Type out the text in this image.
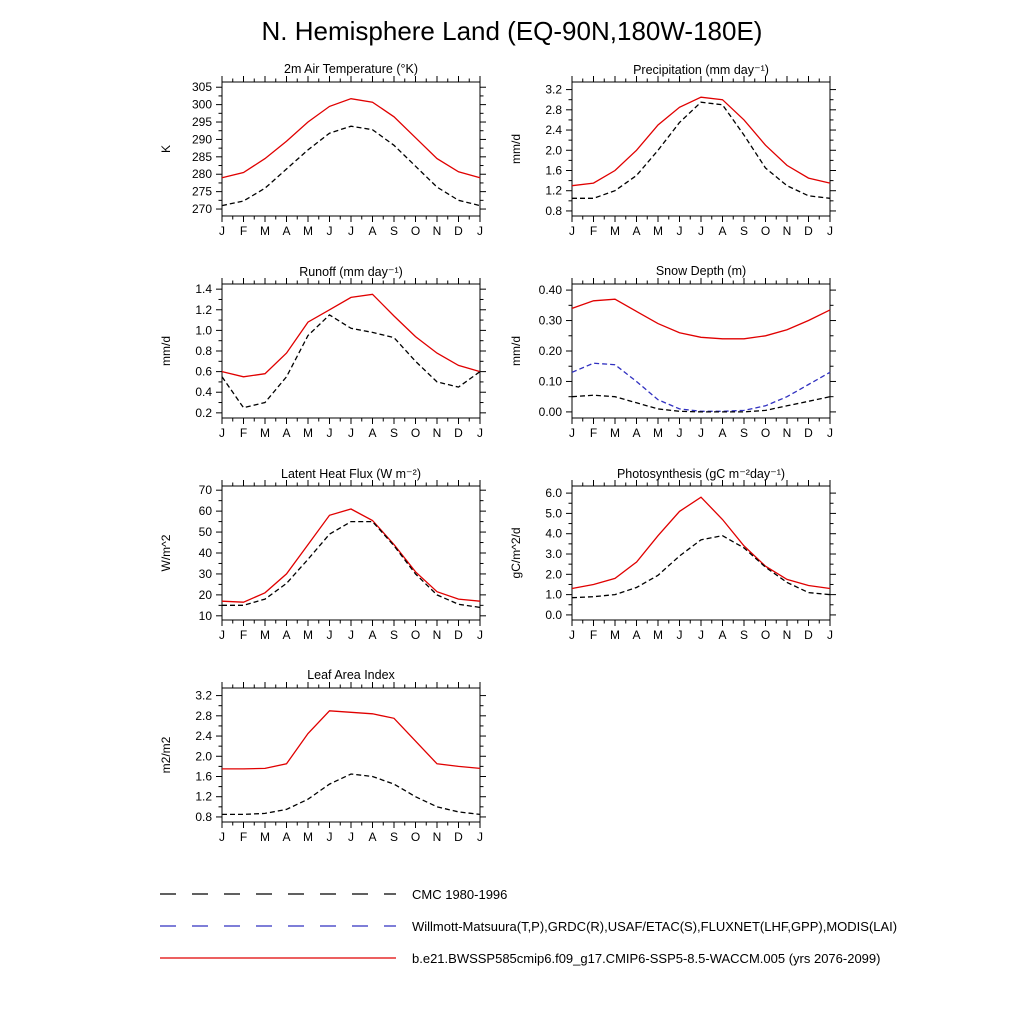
N. Hemisphere Land (EQ-90N,180W-180E)
270
275
280
285
290
295
300
305
J F M A M J J A S O N D J
K
2m Air Temperature (°K)
0.8
1.2
1.6
2.0
2.4
2.8
3.2
J F M A M J J A S O N D J
mm/d
Precipitation (mm day⁻¹)
0.2
0.4
0.6
0.8
1.0
1.2
1.4
J F M A M J J A S O N D J
mm/d
Runoff (mm day⁻¹)
0.00
0.10
0.20
0.30
0.40
J F M A M J J A S O N D J
mm/d
Snow Depth (m)
10
20
30
40
50
60
70
J F M A M J J A S O N D J
W/m^2
Latent Heat Flux (W m⁻²)
0.0
1.0
2.0
3.0
4.0
5.0
6.0
J F M A M J J A S O N D J
gC/m^2/d
Photosynthesis (gC m⁻²day⁻¹)
0.8
1.2
1.6
2.0
2.4
2.8
3.2
J F M A M J J A S O N D J
m2/m2
Leaf Area Index
CMC 1980-1996
Willmott-Matsuura(T,P),GRDC(R),USAF/ETAC(S),FLUXNET(LHF,GPP),MODIS(LAI)
b.e21.BWSSP585cmip6.f09_g17.CMIP6-SSP5-8.5-WACCM.005 (yrs 2076-2099)
